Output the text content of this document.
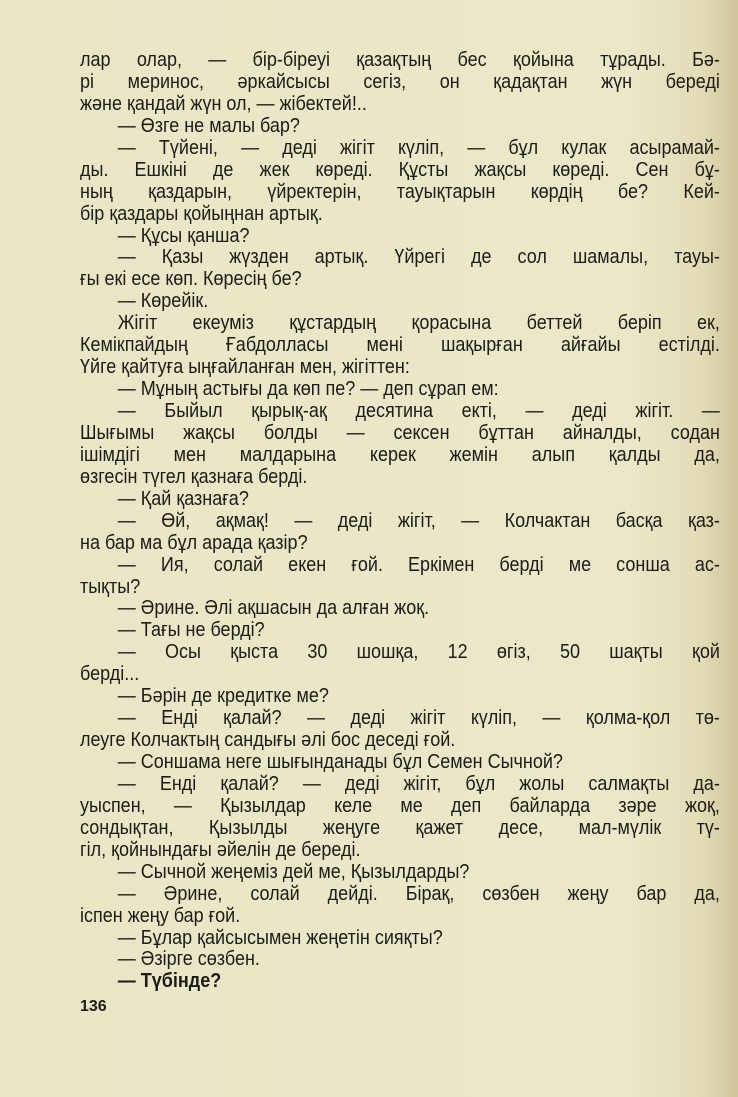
лар олар, — бір-біреуі қазақтың бес қойына тұрады. Бә-
рі меринос, әркайсысы сегіз, он қадақтан жүн береді
және қандай жүн ол, — жібектей!..
— Өзге не малы бар?
— Түйені, — деді жігіт күліп, — бұл кулак асырамай-
ды. Ешкіні де жек көреді. Құсты жақсы көреді. Сен бұ-
ның қаздарын, үйректерін, тауықтарын көрдің бе? Кей-
бір қаздары қойыңнан артық.
— Құсы қанша?
— Қазы жүзден артық. Үйрегі де сол шамалы, тауы-
ғы екі есе көп. Көресің бе?
— Көрейік.
Жігіт екеуміз құстардың қорасына беттей беріп ек,
Кемікпайдың Ғабдолласы мені шақырған айғайы естілді.
Үйге қайтуға ыңғайланған мен, жігіттен:
— Мұның астығы да көп пе? — деп сұрап ем:
— Быйыл қырық-ақ десятина екті, — деді жігіт. —
Шығымы жақсы болды — сексен бұттан айналды, содан
ішімдігі мен малдарына керек жемін алып қалды да,
өзгесін түгел қазнаға берді.
— Қай қазнаға?
— Өй, ақмақ! — деді жігіт, — Колчактан басқа қаз-
на бар ма бұл арада қазір?
— Ия, солай екен ғой. Еркімен берді ме сонша ас-
тықты?
— Әрине. Әлі ақшасын да алған жоқ.
— Тағы не берді?
— Осы қыста 30 шошқа, 12 өгіз, 50 шақты қой
берді...
— Бәрін де кредитке ме?
— Енді қалай? — деді жігіт күліп, — қолма-қол тө-
леуге Колчактың сандығы әлі бос деседі ғой.
— Соншама неге шығынданады бұл Семен Сычной?
— Енді қалай? — деді жігіт, бұл жолы салмақты да-
уыспен, — Қызылдар келе ме деп байларда зәре жоқ,
сондықтан, Қызылды жеңуге қажет десе, мал-мүлік тү-
гіл, қойнындағы әйелін де береді.
— Сычной жеңеміз дей ме, Қызылдарды?
— Әрине, солай дейді. Бірақ, сөзбен жеңу бар да,
іспен жеңу бар ғой.
— Бұлар қайсысымен жеңетін сияқты?
— Әзірге сөзбен.
— Түбінде?
136
